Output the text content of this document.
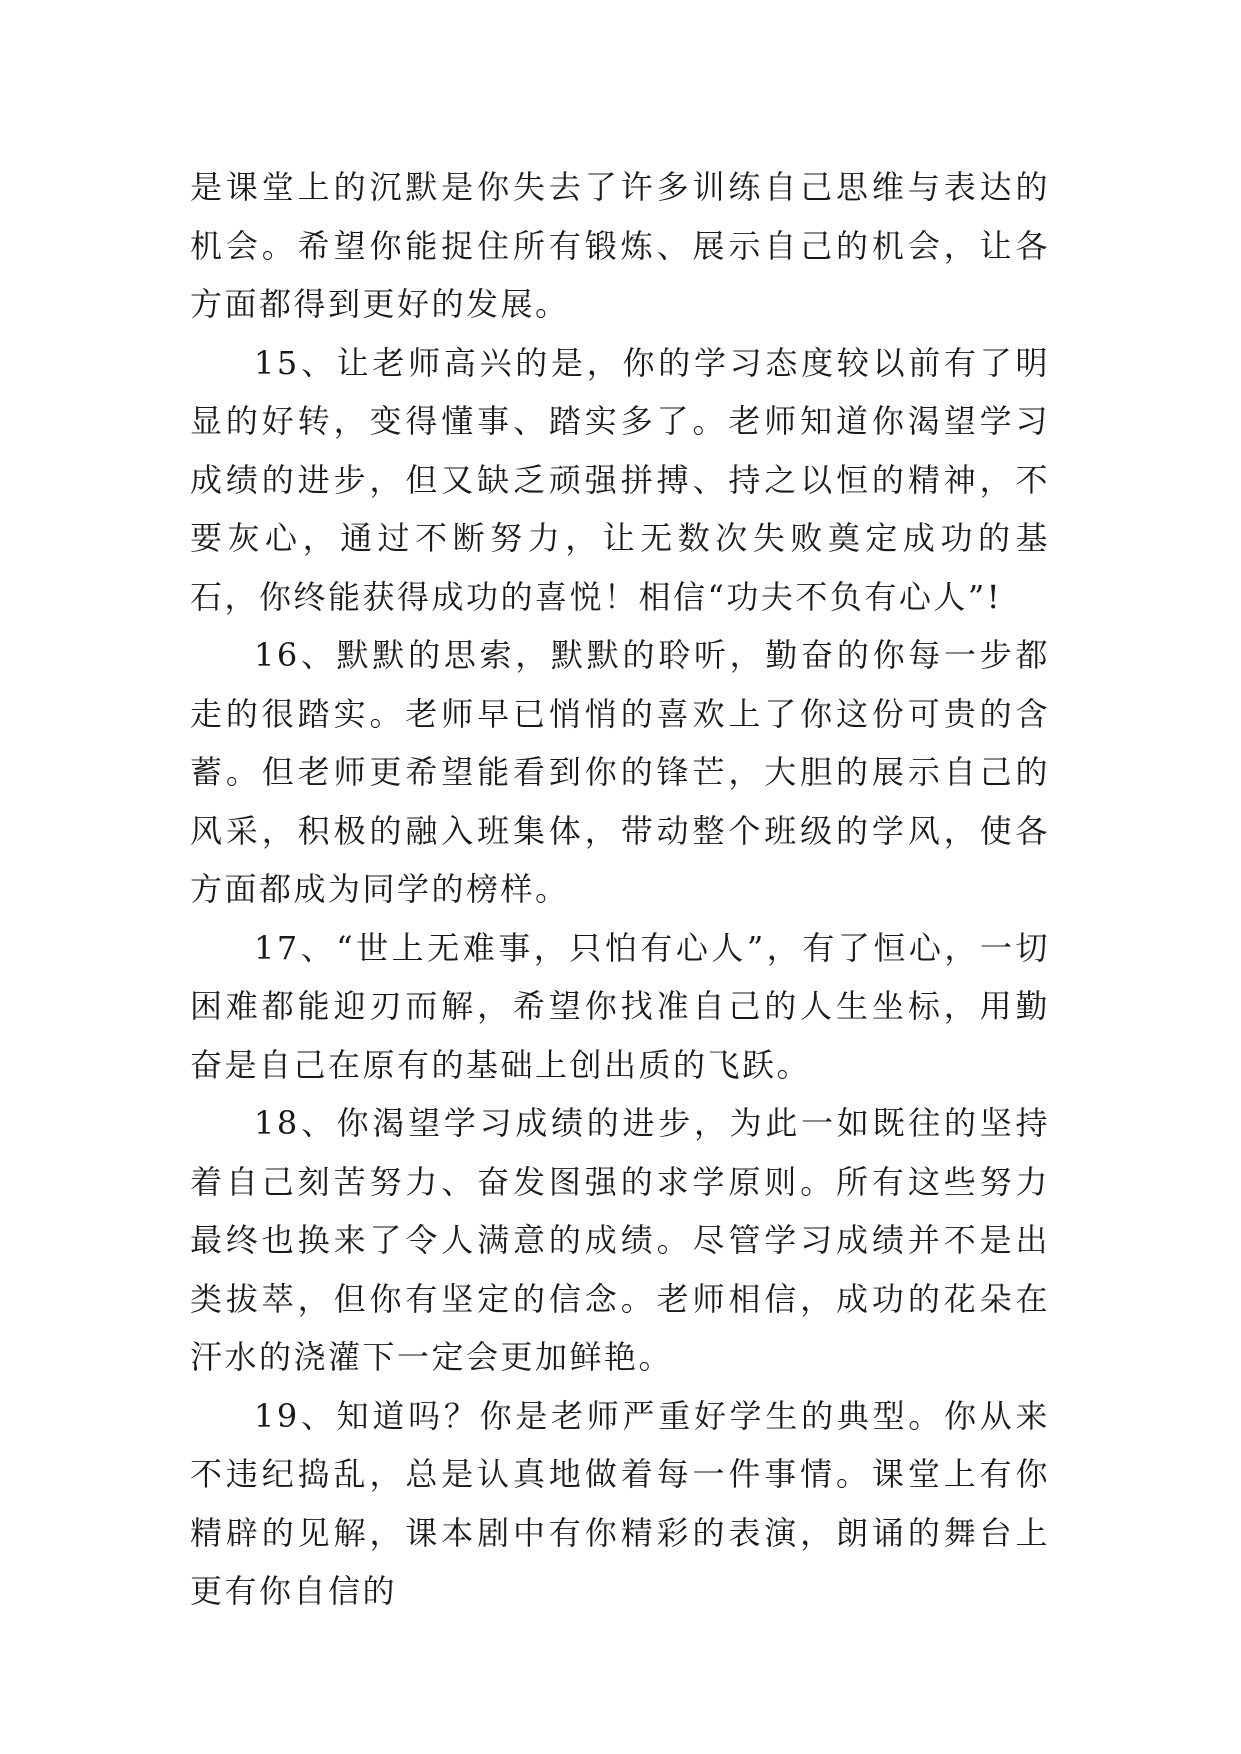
是课堂上的沉默是你失去了许多训练自己思维与表达的机会。希望你能捉住所有锻炼、展示自己的机会，让各方面都得到更好的发展。

15、让老师高兴的是，你的学习态度较以前有了明显的好转，变得懂事、踏实多了。老师知道你渴望学习成绩的进步，但又缺乏顽强拼搏、持之以恒的精神，不要灰心，通过不断努力，让无数次失败奠定成功的基石，你终能获得成功的喜悦！相信“功夫不负有心人”!

16、默默的思索，默默的聆听，勤奋的你每一步都走的很踏实。老师早已悄悄的喜欢上了你这份可贵的含蓄。但老师更希望能看到你的锋芒，大胆的展示自己的风采，积极的融入班集体，带动整个班级的学风，使各方面都成为同学的榜样。

17、“世上无难事，只怕有心人”，有了恒心，一切困难都能迎刃而解，希望你找准自己的人生坐标，用勤奋是自己在原有的基础上创出质的飞跃。

18、你渴望学习成绩的进步，为此一如既往的坚持着自己刻苦努力、奋发图强的求学原则。所有这些努力最终也换来了令人满意的成绩。尽管学习成绩并不是出类拔萃，但你有坚定的信念。老师相信，成功的花朵在汗水的浇灌下一定会更加鲜艳。

19、知道吗？你是老师严重好学生的典型。你从来不违纪捣乱，总是认真地做着每一件事情。课堂上有你精辟的见解，课本剧中有你精彩的表演，朗诵的舞台上更有你自信的
